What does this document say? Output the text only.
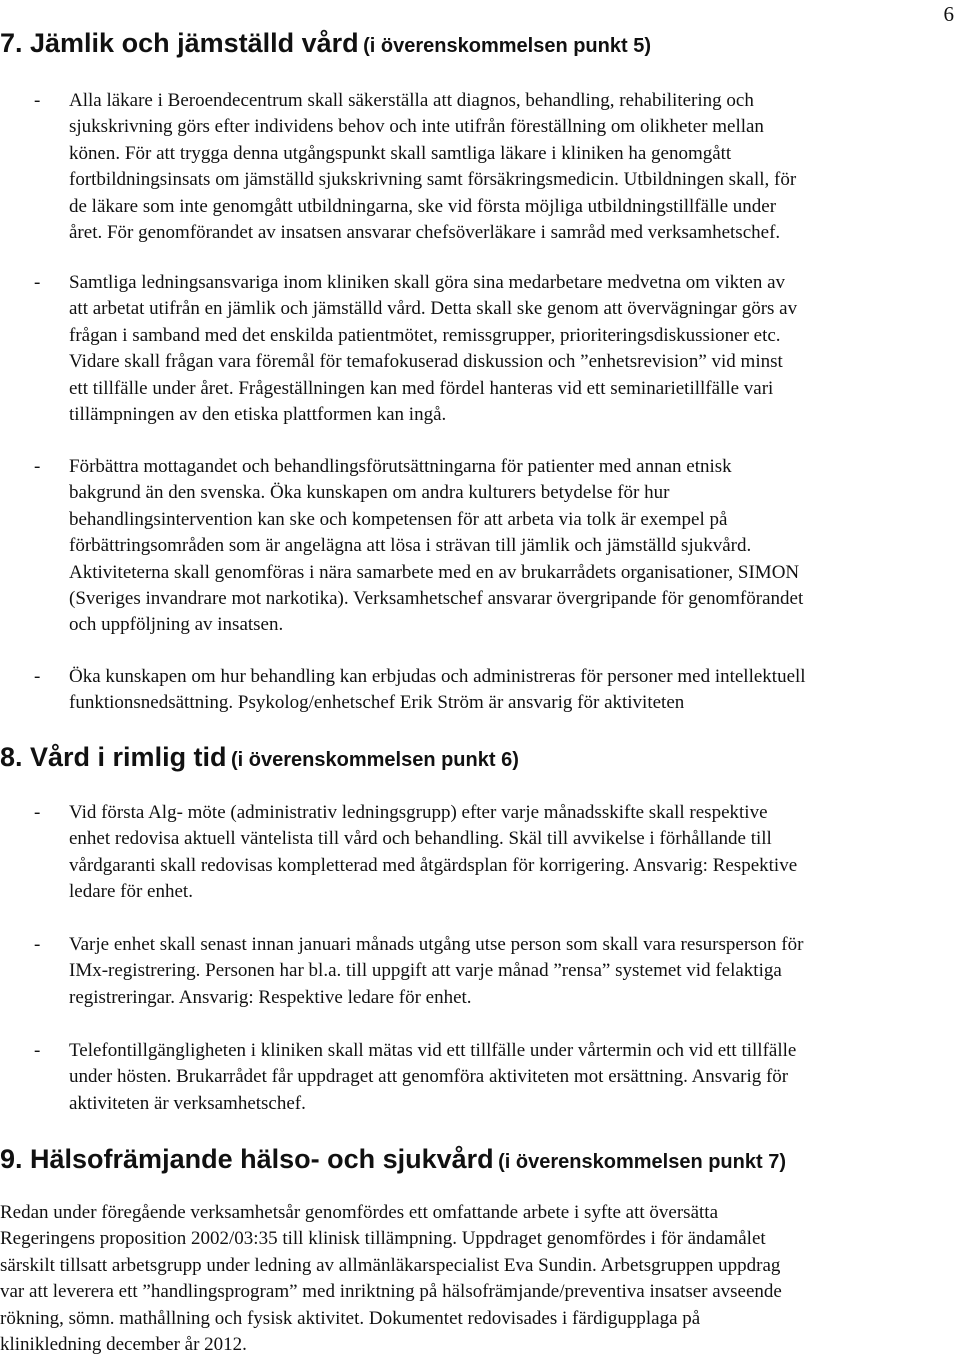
6
7. Jämlik och jämställd vård (i överenskommelsen punkt 5)
- Alla läkare i Beroendecentrum skall säkerställa att diagnos, behandling, rehabilitering och
sjukskrivning görs efter individens behov och inte utifrån föreställning om olikheter mellan
könen. För att trygga denna utgångspunkt skall samtliga läkare i kliniken ha genomgått
fortbildningsinsats om jämställd sjukskrivning samt försäkringsmedicin. Utbildningen skall, för
de läkare som inte genomgått utbildningarna, ske vid första möjliga utbildningstillfälle under
året. För genomförandet av insatsen ansvarar chefsöverläkare i samråd med verksamhetschef.
- Samtliga ledningsansvariga inom kliniken skall göra sina medarbetare medvetna om vikten av
att arbetat utifrån en jämlik och jämställd vård. Detta skall ske genom att övervägningar görs av
frågan i samband med det enskilda patientmötet, remissgrupper, prioriteringsdiskussioner etc.
Vidare skall frågan vara föremål för temafokuserad diskussion och ”enhetsrevision” vid minst
ett tillfälle under året. Frågeställningen kan med fördel hanteras vid ett seminarietillfälle vari
tillämpningen av den etiska plattformen kan ingå.
- Förbättra mottagandet och behandlingsförutsättningarna för patienter med annan etnisk
bakgrund än den svenska. Öka kunskapen om andra kulturers betydelse för hur
behandlingsintervention kan ske och kompetensen för att arbeta via tolk är exempel på
förbättringsområden som är angelägna att lösa i strävan till jämlik och jämställd sjukvård.
Aktiviteterna skall genomföras i nära samarbete med en av brukarrådets organisationer, SIMON
(Sveriges invandrare mot narkotika). Verksamhetschef ansvarar övergripande för genomförandet
och uppföljning av insatsen.
- Öka kunskapen om hur behandling kan erbjudas och administreras för personer med intellektuell
funktionsnedsättning. Psykolog/enhetschef Erik Ström är ansvarig för aktiviteten
8. Vård i rimlig tid (i överenskommelsen punkt 6)
- Vid första Alg- möte (administrativ ledningsgrupp) efter varje månadsskifte skall respektive
enhet redovisa aktuell väntelista till vård och behandling. Skäl till avvikelse i förhållande till
vårdgaranti skall redovisas kompletterad med åtgärdsplan för korrigering. Ansvarig: Respektive
ledare för enhet.
- Varje enhet skall senast innan januari månads utgång utse person som skall vara resursperson för
IMx-registrering. Personen har bl.a. till uppgift att varje månad ”rensa” systemet vid felaktiga
registreringar. Ansvarig: Respektive ledare för enhet.
- Telefontillgängligheten i kliniken skall mätas vid ett tillfälle under vårtermin och vid ett tillfälle
under hösten. Brukarrådet får uppdraget att genomföra aktiviteten mot ersättning. Ansvarig för
aktiviteten är verksamhetschef.
9. Hälsofrämjande hälso- och sjukvård (i överenskommelsen punkt 7)
Redan under föregående verksamhetsår genomfördes ett omfattande arbete i syfte att översätta
Regeringens proposition 2002/03:35 till klinisk tillämpning. Uppdraget genomfördes i för ändamålet
särskilt tillsatt arbetsgrupp under ledning av allmänläkarspecialist Eva Sundin. Arbetsgruppen uppdrag
var att leverera ett ”handlingsprogram” med inriktning på hälsofrämjande/preventiva insatser avseende
rökning, sömn. mathållning och fysisk aktivitet. Dokumentet redovisades i färdigupplaga på
klinikledning december år 2012.
